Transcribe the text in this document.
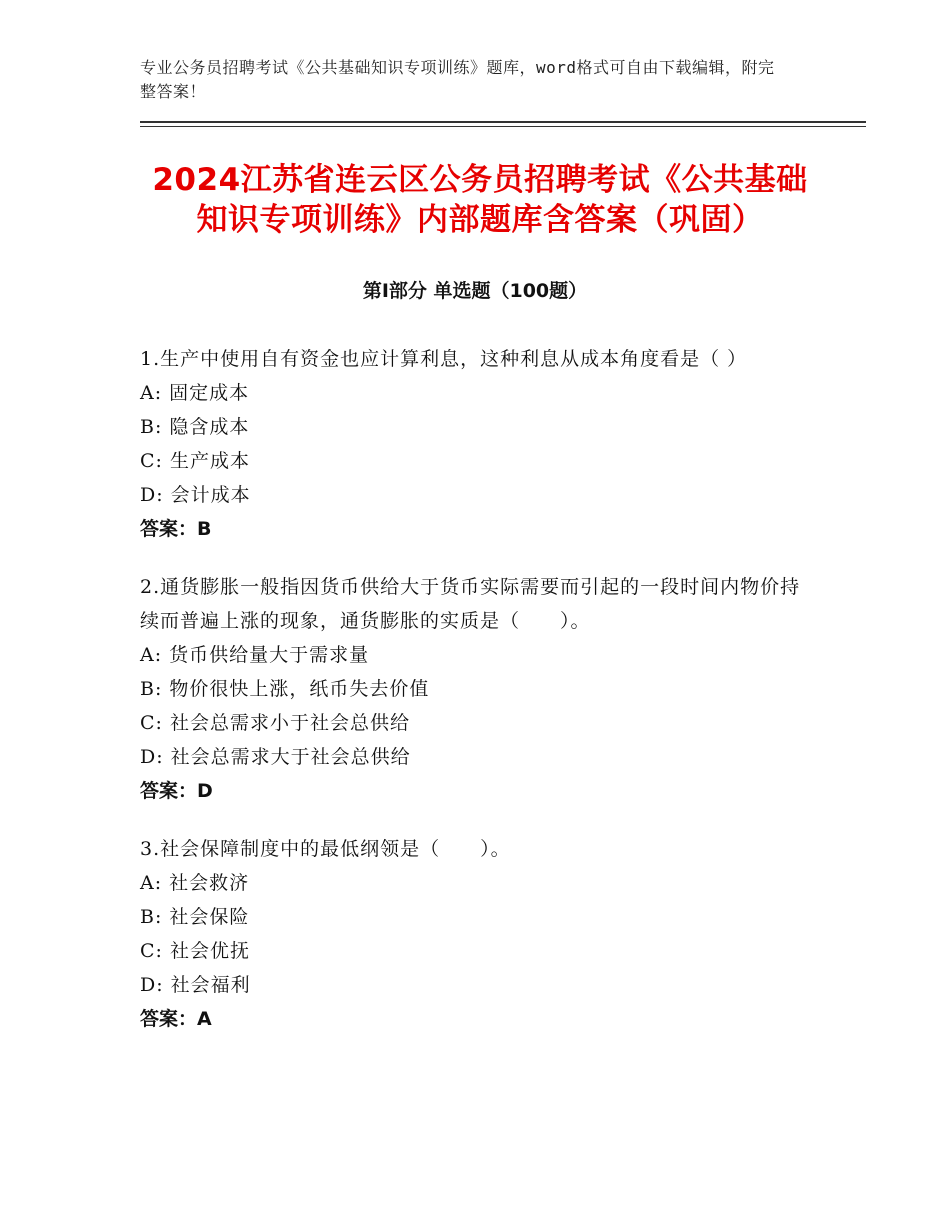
专业公务员招聘考试《公共基础知识专项训练》题库，word格式可自由下载编辑，附完整答案！
2024江苏省连云区公务员招聘考试《公共基础知识专项训练》内部题库含答案（巩固）
第Ⅰ部分 单选题（100题）
1.生产中使用自有资金也应计算利息，这种利息从成本角度看是（ ）
A: 固定成本
B: 隐含成本
C: 生产成本
D: 会计成本
答案：B
2.通货膨胀一般指因货币供给大于货币实际需要而引起的一段时间内物价持续而普遍上涨的现象，通货膨胀的实质是（　　）。
A: 货币供给量大于需求量
B: 物价很快上涨，纸币失去价值
C: 社会总需求小于社会总供给
D: 社会总需求大于社会总供给
答案：D
3.社会保障制度中的最低纲领是（　　）。
A: 社会救济
B: 社会保险
C: 社会优抚
D: 社会福利
答案：A
